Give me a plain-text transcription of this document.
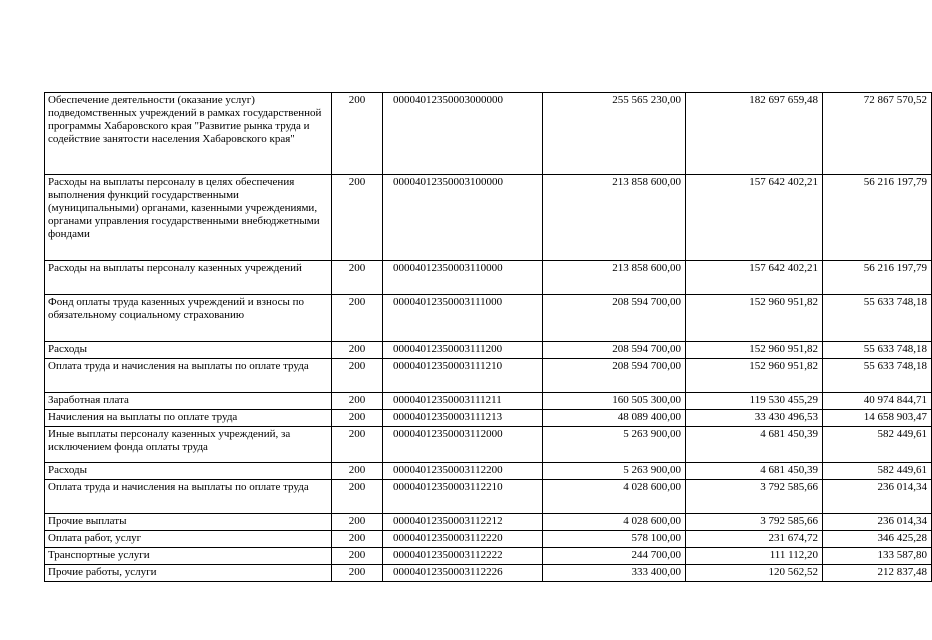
Обеспечение деятельности (оказание услуг) подведомственных учреждений в рамках государственной программы Хабаровского края "Развитие рынка труда и содействие занятости населения Хабаровского края"	200	00004012350003000000	255 565 230,00	182 697 659,48	72 867 570,52
Расходы на выплаты персоналу в целях обеспечения выполнения функций государственными (муниципальными) органами, казенными учреждениями, органами управления государственными внебюджетными фондами	200	00004012350003100000	213 858 600,00	157 642 402,21	56 216 197,79
Расходы на выплаты персоналу казенных учреждений	200	00004012350003110000	213 858 600,00	157 642 402,21	56 216 197,79
Фонд оплаты труда казенных учреждений и взносы по обязательному социальному страхованию	200	00004012350003111000	208 594 700,00	152 960 951,82	55 633 748,18
Расходы	200	00004012350003111200	208 594 700,00	152 960 951,82	55 633 748,18
Оплата труда и начисления на выплаты по оплате труда	200	00004012350003111210	208 594 700,00	152 960 951,82	55 633 748,18
Заработная плата	200	00004012350003111211	160 505 300,00	119 530 455,29	40 974 844,71
Начисления на выплаты по оплате труда	200	00004012350003111213	48 089 400,00	33 430 496,53	14 658 903,47
Иные выплаты персоналу казенных учреждений, за исключением фонда оплаты труда	200	00004012350003112000	5 263 900,00	4 681 450,39	582 449,61
Расходы	200	00004012350003112200	5 263 900,00	4 681 450,39	582 449,61
Оплата труда и начисления на выплаты по оплате труда	200	00004012350003112210	4 028 600,00	3 792 585,66	236 014,34
Прочие выплаты	200	00004012350003112212	4 028 600,00	3 792 585,66	236 014,34
Оплата работ, услуг	200	00004012350003112220	578 100,00	231 674,72	346 425,28
Транспортные услуги	200	00004012350003112222	244 700,00	111 112,20	133 587,80
Прочие работы, услуги	200	00004012350003112226	333 400,00	120 562,52	212 837,48
